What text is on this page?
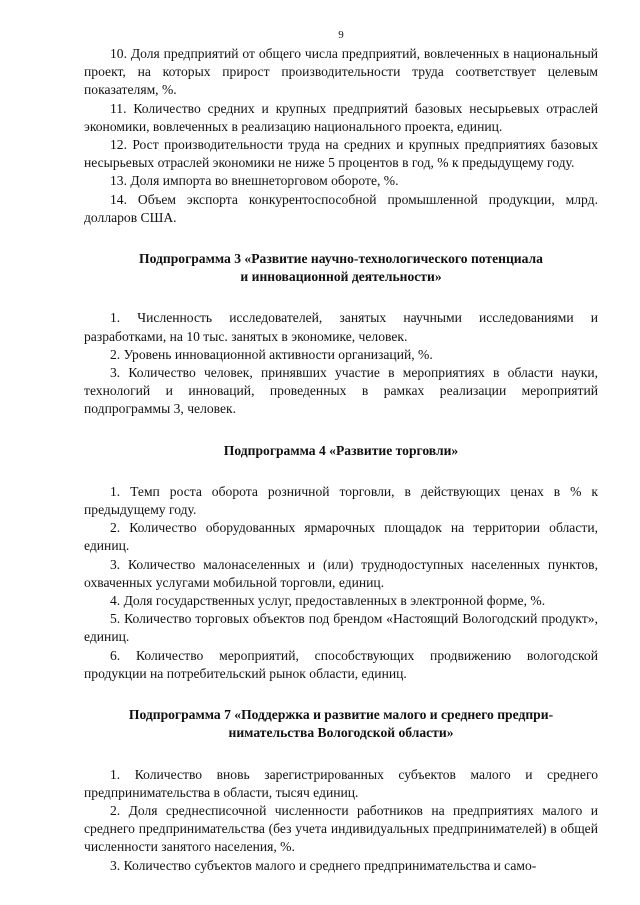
9

10. Доля предприятий от общего числа предприятий, вовлеченных в национальный проект, на которых прирост производительности труда соответствует целевым показателям, %.

11. Количество средних и крупных предприятий базовых несырьевых отраслей экономики, вовлеченных в реализацию национального проекта, единиц.

12. Рост производительности труда на средних и крупных предприятиях базовых несырьевых отраслей экономики не ниже 5 процентов в год, % к предыдущему году.

13. Доля импорта во внешнеторговом обороте, %.

14. Объем экспорта конкурентоспособной промышленной продукции, млрд. долларов США.

Подпрограмма 3 «Развитие научно-технологического потенциала
и инновационной деятельности»

1. Численность исследователей, занятых научными исследованиями и разработками, на 10 тыс. занятых в экономике, человек.

2. Уровень инновационной активности организаций, %.

3. Количество человек, принявших участие в мероприятиях в области науки, технологий и инноваций, проведенных в рамках реализации мероприятий подпрограммы 3, человек.

Подпрограмма 4 «Развитие торговли»

1. Темп роста оборота розничной торговли, в действующих ценах в % к предыдущему году.

2. Количество оборудованных ярмарочных площадок на территории области, единиц.

3. Количество малонаселенных и (или) труднодоступных населенных пунктов, охваченных услугами мобильной торговли, единиц.

4. Доля государственных услуг, предоставленных в электронной форме, %.

5. Количество торговых объектов под брендом «Настоящий Вологодский продукт», единиц.

6. Количество мероприятий, способствующих продвижению вологодской продукции на потребительский рынок области, единиц.

Подпрограмма 7 «Поддержка и развитие малого и среднего предпри-
нимательства Вологодской области»

1. Количество вновь зарегистрированных субъектов малого и среднего предпринимательства в области, тысяч единиц.

2. Доля среднесписочной численности работников на предприятиях малого и среднего предпринимательства (без учета индивидуальных предпринимателей) в общей численности занятого населения, %.

3. Количество субъектов малого и среднего предпринимательства и само-
